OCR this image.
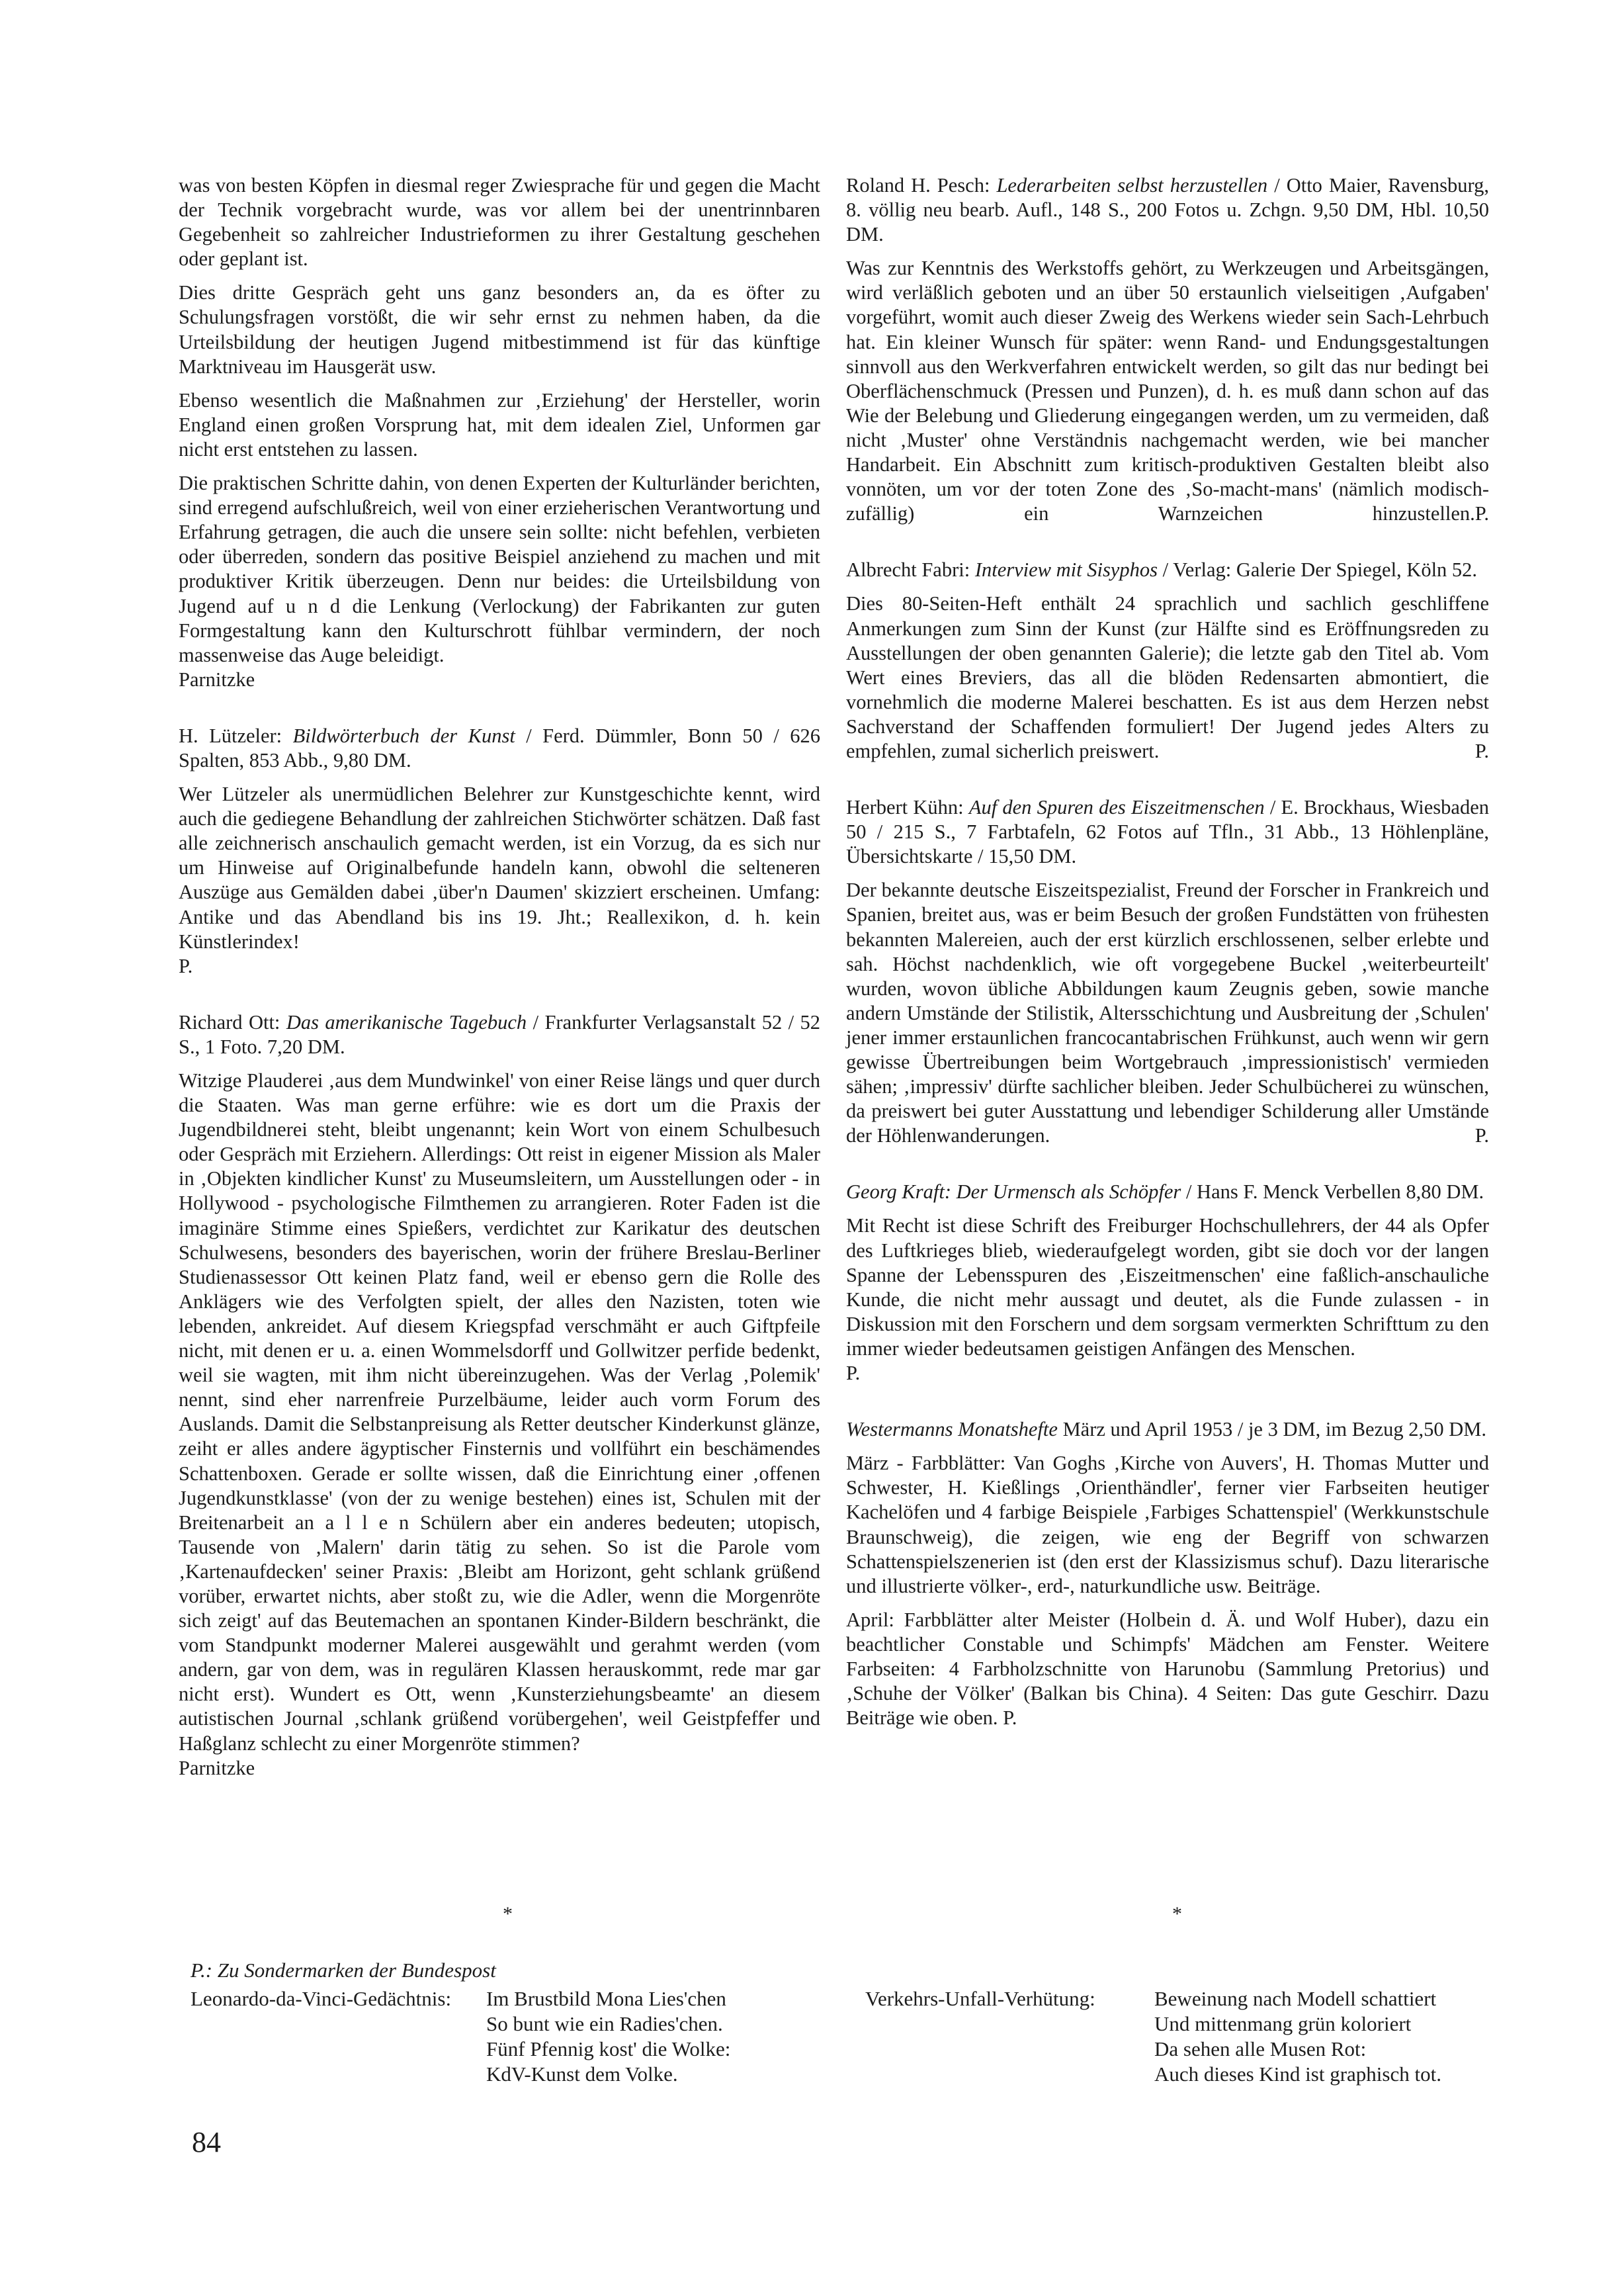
was von besten Köpfen in diesmal reger Zwiesprache für und gegen die Macht der Technik vorgebracht wurde, was vor allem bei der unentrinnbaren Gegebenheit so zahlreicher Industrieformen zu ihrer Gestaltung geschehen oder geplant ist.

Dies dritte Gespräch geht uns ganz besonders an, da es öfter zu Schulungsfragen vorstößt, die wir sehr ernst zu nehmen haben, da die Urteilsbildung der heutigen Jugend mitbestimmend ist für das künftige Marktniveau im Hausgerät usw.

Ebenso wesentlich die Maßnahmen zur ‚Erziehung' der Hersteller, worin England einen großen Vorsprung hat, mit dem idealen Ziel, Unformen gar nicht erst entstehen zu lassen.

Die praktischen Schritte dahin, von denen Experten der Kulturländer berichten, sind erregend aufschlußreich, weil von einer erzieherischen Verantwortung und Erfahrung getragen, die auch die unsere sein sollte: nicht befehlen, verbieten oder überreden, sondern das positive Beispiel anziehend zu machen und mit produktiver Kritik überzeugen. Denn nur beides: die Urteilsbildung von Jugend auf u n d die Lenkung (Verlockung) der Fabrikanten zur guten Formgestaltung kann den Kulturschrott fühlbar vermindern, der noch massenweise das Auge beleidigt.

Parnitzke

H. Lützeler: Bildwörterbuch der Kunst / Ferd. Dümmler, Bonn 50 / 626 Spalten, 853 Abb., 9,80 DM.

Wer Lützeler als unermüdlichen Belehrer zur Kunstgeschichte kennt, wird auch die gediegene Behandlung der zahlreichen Stichwörter schätzen. Daß fast alle zeichnerisch anschaulich gemacht werden, ist ein Vorzug, da es sich nur um Hinweise auf Originalbefunde handeln kann, obwohl die selteneren Auszüge aus Gemälden dabei ‚über'n Daumen' skizziert erscheinen. Umfang: Antike und das Abendland bis ins 19. Jht.; Reallexikon, d. h. kein Künstlerindex!

P.

Richard Ott: Das amerikanische Tagebuch / Frankfurter Verlagsanstalt 52 / 52 S., 1 Foto. 7,20 DM.

Witzige Plauderei ‚aus dem Mundwinkel' von einer Reise längs und quer durch die Staaten. Was man gerne erführe: wie es dort um die Praxis der Jugendbildnerei steht, bleibt ungenannt; kein Wort von einem Schulbesuch oder Gespräch mit Erziehern. Allerdings: Ott reist in eigener Mission als Maler in ‚Objekten kindlicher Kunst' zu Museumsleitern, um Ausstellungen oder - in Hollywood - psychologische Filmthemen zu arrangieren. Roter Faden ist die imaginäre Stimme eines Spießers, verdichtet zur Karikatur des deutschen Schulwesens, besonders des bayerischen, worin der frühere Breslau-Berliner Studienassessor Ott keinen Platz fand, weil er ebenso gern die Rolle des Anklägers wie des Verfolgten spielt, der alles den Nazisten, toten wie lebenden, ankreidet. Auf diesem Kriegspfad verschmäht er auch Giftpfeile nicht, mit denen er u. a. einen Wommelsdorff und Gollwitzer perfide bedenkt, weil sie wagten, mit ihm nicht übereinzugehen. Was der Verlag ‚Polemik' nennt, sind eher narrenfreie Purzelbäume, leider auch vorm Forum des Auslands. Damit die Selbstanpreisung als Retter deutscher Kinderkunst glänze, zeiht er alles andere ägyptischer Finsternis und vollführt ein beschämendes Schattenboxen. Gerade er sollte wissen, daß die Einrichtung einer ‚offenen Jugendkunstklasse' (von der zu wenige bestehen) eines ist, Schulen mit der Breitenarbeit an a l l e n Schülern aber ein anderes bedeuten; utopisch, Tausende von ‚Malern' darin tätig zu sehen. So ist die Parole vom ‚Kartenaufdecken' seiner Praxis: ‚Bleibt am Horizont, geht schlank grüßend vorüber, erwartet nichts, aber stoßt zu, wie die Adler, wenn die Morgenröte sich zeigt' auf das Beutemachen an spontanen Kinder-Bildern beschränkt, die vom Standpunkt moderner Malerei ausgewählt und gerahmt werden (vom andern, gar von dem, was in regulären Klassen herauskommt, rede mar gar nicht erst). Wundert es Ott, wenn ‚Kunsterziehungsbeamte' an diesem autistischen Journal ‚schlank grüßend vorübergehen', weil Geistpfeffer und Haßglanz schlecht zu einer Morgenröte stimmen?

Parnitzke

Roland H. Pesch: Lederarbeiten selbst herzustellen / Otto Maier, Ravensburg, 8. völlig neu bearb. Aufl., 148 S., 200 Fotos u. Zchgn. 9,50 DM, Hbl. 10,50 DM.

Was zur Kenntnis des Werkstoffs gehört, zu Werkzeugen und Arbeitsgängen, wird verläßlich geboten und an über 50 erstaunlich vielseitigen ‚Aufgaben' vorgeführt, womit auch dieser Zweig des Werkens wieder sein Sach-Lehrbuch hat. Ein kleiner Wunsch für später: wenn Rand- und Endungsgestaltungen sinnvoll aus den Werkverfahren entwickelt werden, so gilt das nur bedingt bei Oberflächenschmuck (Pressen und Punzen), d. h. es muß dann schon auf das Wie der Belebung und Gliederung eingegangen werden, um zu vermeiden, daß nicht ‚Muster' ohne Verständnis nachgemacht werden, wie bei mancher Handarbeit. Ein Abschnitt zum kritisch-produktiven Gestalten bleibt also vonnöten, um vor der toten Zone des ‚So-macht-mans' (nämlich modisch-zufällig) ein Warnzeichen hinzustellen. P.

Albrecht Fabri: Interview mit Sisyphos / Verlag: Galerie Der Spiegel, Köln 52.

Dies 80-Seiten-Heft enthält 24 sprachlich und sachlich geschliffene Anmerkungen zum Sinn der Kunst (zur Hälfte sind es Eröffnungsreden zu Ausstellungen der oben genannten Galerie); die letzte gab den Titel ab. Vom Wert eines Breviers, das all die blöden Redensarten abmontiert, die vornehmlich die moderne Malerei beschatten. Es ist aus dem Herzen nebst Sachverstand der Schaffenden formuliert! Der Jugend jedes Alters zu empfehlen, zumal sicherlich preiswert.	P.

Herbert Kühn: Auf den Spuren des Eiszeitmenschen / E. Brockhaus, Wiesbaden 50 / 215 S., 7 Farbtafeln, 62 Fotos auf Tfln., 31 Abb., 13 Höhlenpläne, Übersichtskarte / 15,50 DM.

Der bekannte deutsche Eiszeitspezialist, Freund der Forscher in Frankreich und Spanien, breitet aus, was er beim Besuch der großen Fundstätten von frühesten bekannten Malereien, auch der erst kürzlich erschlossenen, selber erlebte und sah. Höchst nachdenklich, wie oft vorgegebene Buckel ‚weiterbeurteilt' wurden, wovon übliche Abbildungen kaum Zeugnis geben, sowie manche andern Umstände der Stilistik, Altersschichtung und Ausbreitung der ‚Schulen' jener immer erstaunlichen francocantabrischen Frühkunst, auch wenn wir gern gewisse Übertreibungen beim Wortgebrauch ‚impressionistisch' vermieden sähen; ‚impressiv' dürfte sachlicher bleiben. Jeder Schulbücherei zu wünschen, da preiswert bei guter Ausstattung und lebendiger Schilderung aller Umstände der Höhlenwanderungen.	P.

Georg Kraft: Der Urmensch als Schöpfer / Hans F. Menck Verbellen 8,80 DM.

Mit Recht ist diese Schrift des Freiburger Hochschullehrers, der 44 als Opfer des Luftkrieges blieb, wiederaufgelegt worden, gibt sie doch vor der langen Spanne der Lebensspuren des ‚Eiszeitmenschen' eine faßlich-anschauliche Kunde, die nicht mehr aussagt und deutet, als die Funde zulassen - in Diskussion mit den Forschern und dem sorgsam vermerkten Schrifttum zu den immer wieder bedeutsamen geistigen Anfängen des Menschen.

P.

Westermanns Monatshefte März und April 1953 / je 3 DM, im Bezug 2,50 DM.

März - Farbblätter: Van Goghs ‚Kirche von Auvers', H. Thomas Mutter und Schwester, H. Kießlings ‚Orienthändler', ferner vier Farbseiten heutiger Kachelöfen und 4 farbige Beispiele ‚Farbiges Schattenspiel' (Werkkunstschule Braunschweig), die zeigen, wie eng der Begriff von schwarzen Schattenspielszenerien ist (den erst der Klassizismus schuf). Dazu literarische und illustrierte völker-, erd-, naturkundliche usw. Beiträge.

April: Farbblätter alter Meister (Holbein d. Ä. und Wolf Huber), dazu ein beachtlicher Constable und Schimpfs' Mädchen am Fenster. Weitere Farbseiten: 4 Farbholzschnitte von Harunobu (Sammlung Pretorius) und ‚Schuhe der Völker' (Balkan bis China). 4 Seiten: Das gute Geschirr. Dazu Beiträge wie oben. P.

*	*
P.: Zu Sondermarken der Bundespost
Leonardo-da-Vinci-Gedächtnis: Im Brustbild Mona Lies'chen
So bunt wie ein Radies'chen.
Fünf Pfennig kost' die Wolke:
KdV-Kunst dem Volke.
Verkehrs-Unfall-Verhütung:	Beweinung nach Modell schattiert
Und mittenmang grün koloriert
Da sehen alle Musen Rot:
Auch dieses Kind ist graphisch tot.
84
